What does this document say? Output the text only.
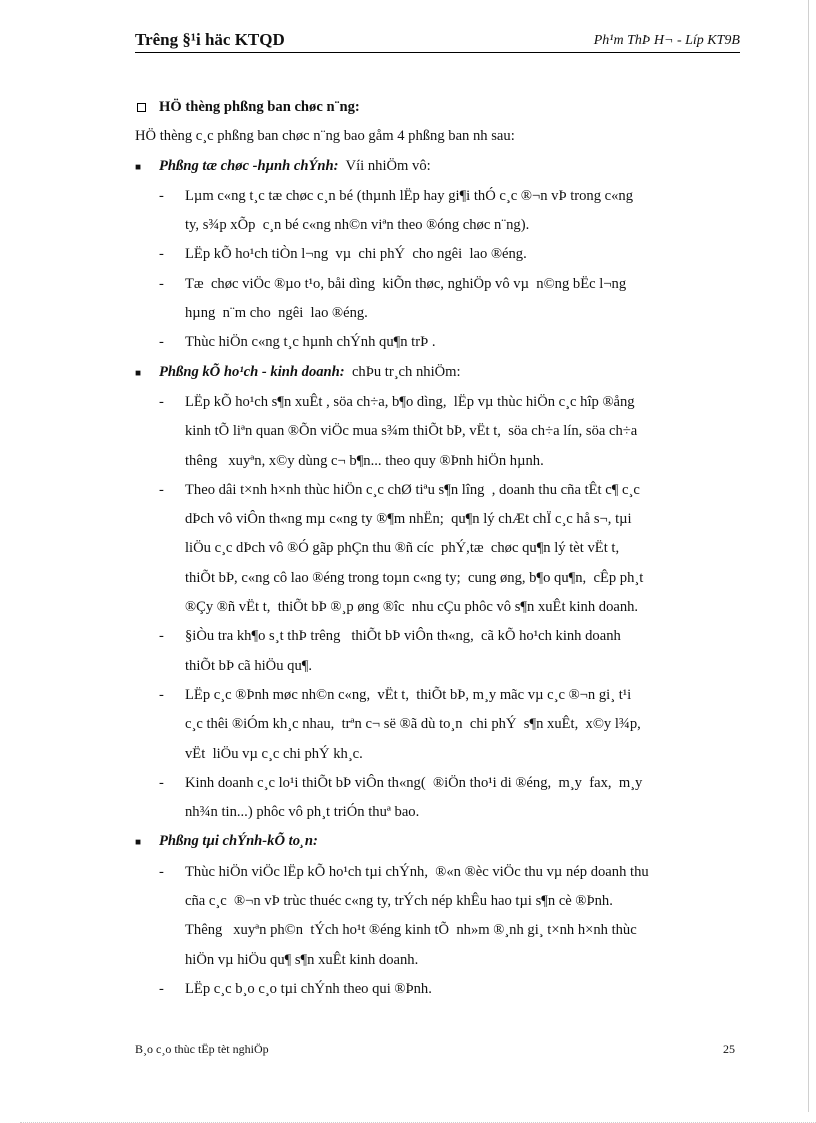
Trêng §¹i häc KTQD	Ph¹m ThÞ H¬ - Líp KT9B
HÖ thèng phßng ban chøc n¨ng:
HÖ thèng c¸c phßng ban chøc n¨ng bao gåm 4 phßng ban nh sau:
■ Phßng tæ chøc -hµnh chÝnh: Víi nhiÖm vô:
-	Lµm c«ng t¸c tæ chøc c¸n bé (thµnh lËp hay gi¶i thÓ c¸c ®¬n vÞ trong c«ng
ty, s¾p xÕp  c¸n bé c«ng nh©n viªn theo ®óng chøc n¨ng).
-	LËp kÕ ho¹ch tiÒn l¬ng  vµ  chi phÝ  cho ngêi  lao ®éng.
-	Tæ  chøc viÖc ®µo t¹o, båi dìng  kiÕn thøc, nghiÖp vô vµ  n©ng bËc l¬ng
hµng  n¨m cho  ngêi  lao ®éng.
-	Thùc hiÖn c«ng t¸c hµnh chÝnh qu¶n trÞ .
■ Phßng kÕ ho¹ch - kinh doanh: chÞu tr¸ch nhiÖm:
-	LËp kÕ ho¹ch s¶n xuÊt , söa ch÷a, b¶o dìng,  lËp vµ thùc hiÖn c¸c hîp ®ång
kinh tÕ liªn quan ®Õn viÖc mua s¾m thiÕt bÞ, vËt t,  söa ch÷a lín, söa ch÷a
thêng   xuyªn, x©y dùng c¬ b¶n... theo quy ®Þnh hiÖn hµnh.
-	Theo dâi t×nh h×nh thùc hiÖn c¸c chØ tiªu s¶n lîng  , doanh thu cña tÊt c¶ c¸c
dÞch vô viÔn th«ng mµ c«ng ty ®¶m nhËn;  qu¶n lý chÆt chÏ c¸c hå s¬, tµi
liÖu c¸c dÞch vô ®Ó gãp phÇn thu ®ñ cíc  phÝ,tæ  chøc qu¶n lý tèt vËt t,
thiÕt bÞ, c«ng cô lao ®éng trong toµn c«ng ty;  cung øng, b¶o qu¶n,  cÊp ph¸t
®Çy ®ñ vËt t,  thiÕt bÞ ®¸p øng ®îc  nhu cÇu phôc vô s¶n xuÊt kinh doanh.
-	§iÒu tra kh¶o s¸t thÞ trêng   thiÕt bÞ viÔn th«ng,  cã kÕ ho¹ch kinh doanh
thiÕt bÞ cã hiÖu qu¶.
-	LËp c¸c ®Þnh møc nh©n c«ng,  vËt t,  thiÕt bÞ, m¸y mãc vµ c¸c ®¬n gi¸ t¹i
c¸c thêi ®iÓm kh¸c nhau,  trªn c¬ së ®ã dù to¸n  chi phÝ  s¶n xuÊt,  x©y l¾p,
vËt  liÖu vµ c¸c chi phÝ kh¸c.
-	Kinh doanh c¸c lo¹i thiÕt bÞ viÔn th«ng(  ®iÖn tho¹i di ®éng,  m¸y  fax,  m¸y
nh¾n tin...) phôc vô ph¸t triÓn thuª bao.
■ Phßng tµi chÝnh-kÕ to¸n:
-	Thùc hiÖn viÖc lËp kÕ ho¹ch tµi chÝnh,  ®«n ®èc viÖc thu vµ nép doanh thu
cña c¸c  ®¬n vÞ trùc thuéc c«ng ty, trÝch nép khÊu hao tµi s¶n cè ®Þnh.
Thêng   xuyªn ph©n  tÝch ho¹t ®éng kinh tÕ  nh»m ®¸nh gi¸ t×nh h×nh thùc
hiÖn vµ hiÖu qu¶ s¶n xuÊt kinh doanh.
-	LËp c¸c b¸o c¸o tµi chÝnh theo qui ®Þnh.
B¸o c¸o thùc tËp tèt nghiÖp	25
